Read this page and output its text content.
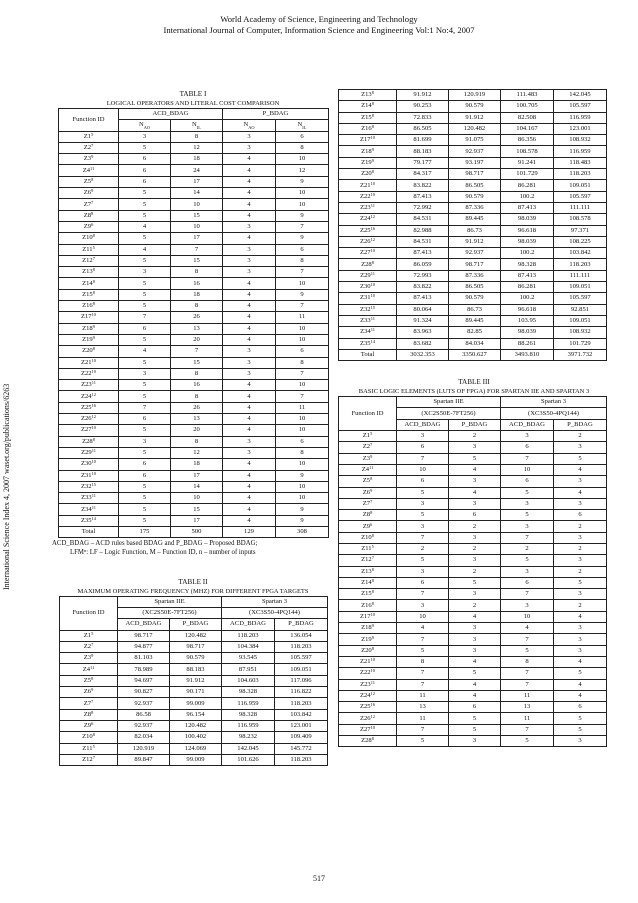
World Academy of Science, Engineering and Technology
International Journal of Computer, Information Science and Engineering Vol:1 No:4, 2007
International Science Index 4, 2007 waset.org/publications/6263
TABLE I
LOGICAL OPERATORS AND LITERAL COST COMPARISON
Function ID	ACD_BDAG		P_BDAG	
	NAO	NIL	NAO	NIL
$Z1^5$	3	8	3	6
$Z2^7$	5	12	3	8
$Z3^9$	6	18	4	10
$Z4^{11}$	6	24	4	12
$Z5^8$	6	17	4	9
$Z6^9$	5	14	4	10
$Z7^7$	5	10	4	10
$Z8^8$	5	15	4	9
$Z9^6$	4	10	3	7
$Z10^8$	5	17	4	9
$Z11^5$	4	7	3	6
$Z12^7$	5	15	3	8
$Z13^8$	3	8	3	7
$Z14^8$	5	16	4	10
$Z15^8$	5	18	4	9
$Z16^8$	5	8	4	7
$Z17^{10}$	7	26	4	11
$Z18^9$	6	13	4	10
$Z19^9$	5	20	4	10
$Z20^8$	4	7	3	6
$Z21^{10}$	5	15	3	8
$Z22^{10}$	3	8	3	7
$Z23^{11}$	5	16	4	10
$Z24^{12}$	5	8	4	7
$Z25^{16}$	7	26	4	11
$Z26^{12}$	6	13	4	10
$Z27^{10}$	5	20	4	10
$Z28^8$	3	8	3	6
$Z29^{11}$	5	12	3	8
$Z30^{10}$	6	18	4	10
$Z31^{10}$	6	17	4	9
$Z32^{15}$	5	14	4	10
$Z33^{11}$	5	10	4	10
$Z34^{11}$	5	15	4	9
$Z35^{14}$	5	17	4	9
Total	175	500	129	308
ACD_BDAG – ACD rules based BDAG and P_BDAG – Proposed BDAG;
LFM$^n$: LF – Logic Function, M – Function ID, n – number of inputs
TABLE II
MAXIMUM OPERATING FREQUENCY (MHZ) FOR DIFFERENT FPGA TARGETS
Function ID	Spartan IIE		Spartan 3	
	(XC2S50E-7FT256)		(XC3S50-4PQ144)	
	ACD_BDAG	P_BDAG	ACD_BDAG	P_BDAG
$Z1^5$	98.717	120.482	118.203	136.054
$Z2^7$	94.877	98.717	104.384	118.203
$Z3^9$	81.103	90.579	93.545	105.597
$Z4^{11}$	78.989	88.183	87.951	109.051
$Z5^8$	94.697	91.912	104.603	117.096
$Z6^9$	90.827	90.171	98.328	116.822
$Z7^7$	92.937	99.009	116.959	118.203
$Z8^8$	86.58	96.154	98.328	103.842
$Z9^6$	92.937	120.482	116.959	123.001
$Z10^8$	82.034	100.402	98.232	109.409
$Z11^5$	120.919	124.069	142.045	145.772
$Z12^7$	89.847	99.009	101.626	118.203
$Z13^8$	91.912	120.919	111.483	142.045
$Z14^8$	90.253	90.579	100.705	105.597
$Z15^8$	72.833	91.912	82.508	116.959
$Z16^8$	86.505	120.482	104.167	123.001
$Z17^{10}$	81.699	91.075	86.356	108.932
$Z18^9$	88.183	92.937	108.578	116.959
$Z19^9$	79.177	93.197	91.241	118.483
$Z20^8$	84.317	98.717	101.729	118.203
$Z21^{10}$	83.822	86.505	86.281	109.051
$Z22^{10}$	87.413	90.579	100.2	105.597
$Z23^{11}$	72.992	87.336	87.413	111.111
$Z24^{12}$	84.531	89.445	98.039	108.578
$Z25^{16}$	82.988	86.73	96.618	97.371
$Z26^{12}$	84.531	91.912	98.039	108.225
$Z27^{10}$	87.413	92.937	100.2	103.842
$Z28^8$	86.059	98.717	98.328	118.203
$Z29^{11}$	72.993	87.336	87.413	111.111
$Z30^{10}$	83.822	86.505	86.281	109.051
$Z31^{10}$	87.413	90.579	100.2	105.597
$Z32^{15}$	80.064	86.73	96.618	92.851
$Z33^{11}$	91.324	89.445	103.95	109.051
$Z34^{11}$	83.963	82.85	98.039	108.932
$Z35^{14}$	83.682	84.034	88.261	101.729
Total	3032.353	3350.627	3493.810	3971.732
TABLE III
BASIC LOGIC ELEMENTS (LUTS OF FPGA) FOR SPARTAN IIE AND SPARTAN 3
Function ID	Spartan IIE		Spartan 3	
	(XC2S50E-7FT256)		(XC3S50-4PQ144)	
	ACD_BDAG	P_BDAG	ACD_BDAG	P_BDAG
$Z1^5$	3	2	3	2
$Z2^7$	6	3	6	3
$Z3^9$	7	5	7	5
$Z4^{11}$	10	4	10	4
$Z5^8$	6	3	6	3
$Z6^9$	5	4	5	4
$Z7^7$	3	3	3	3
$Z8^8$	5	6	5	6
$Z9^6$	3	2	3	2
$Z10^8$	7	3	7	3
$Z11^5$	2	2	2	2
$Z12^7$	5	3	5	3
$Z13^8$	3	2	3	2
$Z14^8$	6	5	6	5
$Z15^8$	7	3	7	3
$Z16^8$	3	2	3	2
$Z17^{10}$	10	4	10	4
$Z18^9$	4	3	4	3
$Z19^9$	7	3	7	3
$Z20^8$	5	3	5	3
$Z21^{10}$	8	4	8	4
$Z22^{10}$	7	5	7	5
$Z23^{11}$	7	4	7	4
$Z24^{12}$	11	4	11	4
$Z25^{16}$	13	6	13	6
$Z26^{12}$	11	5	11	5
$Z27^{10}$	7	5	7	5
$Z28^8$	5	3	5	3
517
